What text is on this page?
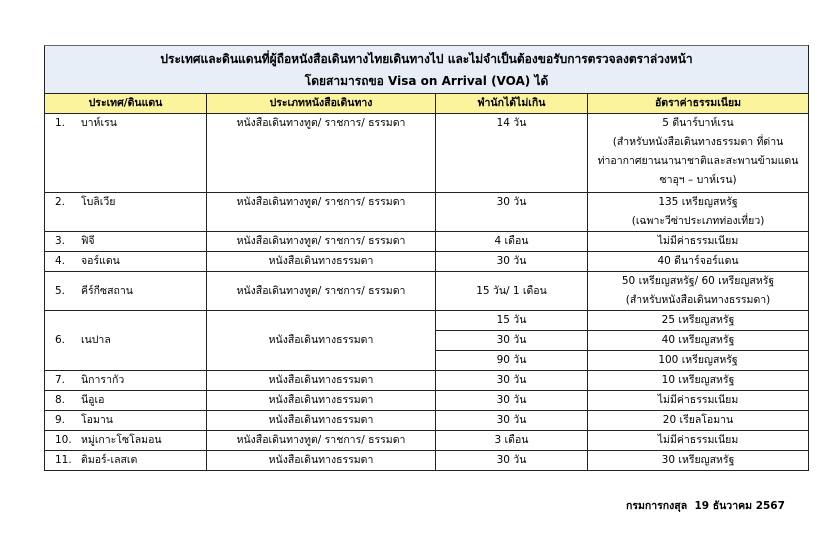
ประเทศและดินแดนที่ผู้ถือหนังสือเดินทางไทยเดินทางไป และไม่จำเป็นต้องขอรับการตรวจลงตราล่วงหน้า
โดยสามารถขอ Visa on Arrival (VOA) ได้			

ประเทศ/ดินแดน	ประเภทหนังสือเดินทาง	พำนักได้ไม่เกิน	อัตราค่าธรรมเนียม
1. บาห์เรน	หนังสือเดินทางทูต/ ราชการ/ ธรรมดา	14 วัน	5 ดีนาร์บาห์เรน
(สำหรับหนังสือเดินทางธรรมดา ที่ด่าน
ท่าอากาศยานนานาชาติและสะพานข้ามแดน
ซาอุฯ – บาห์เรน)

2. โบลิเวีย	หนังสือเดินทางทูต/ ราชการ/ ธรรมดา	30 วัน	135 เหรียญสหรัฐ
(เฉพาะวีซ่าประเภทท่องเที่ยว)

3. ฟิจี	หนังสือเดินทางทูต/ ราชการ/ ธรรมดา	4 เดือน	ไม่มีค่าธรรมเนียม
4. จอร์แดน	หนังสือเดินทางธรรมดา	30 วัน	40 ดีนาร์จอร์แดน
5. คีร์กีซสถาน	หนังสือเดินทางทูต/ ราชการ/ ธรรมดา	15 วัน/ 1 เดือน	50 เหรียญสหรัฐ/ 60 เหรียญสหรัฐ
(สำหรับหนังสือเดินทางธรรมดา)

6. เนปาล	หนังสือเดินทางธรรมดา	15 วัน	25 เหรียญสหรัฐ
		30 วัน	40 เหรียญสหรัฐ
		90 วัน	100 เหรียญสหรัฐ
7. นิการากัว	หนังสือเดินทางธรรมดา	30 วัน	10 เหรียญสหรัฐ
8. นีอูเอ	หนังสือเดินทางธรรมดา	30 วัน	ไม่มีค่าธรรมเนียม
9. โอมาน	หนังสือเดินทางธรรมดา	30 วัน	20 เรียลโอมาน
10. หมู่เกาะโซโลมอน	หนังสือเดินทางทูต/ ราชการ/ ธรรมดา	3 เดือน	ไม่มีค่าธรรมเนียม
11. ติมอร์-เลสเต	หนังสือเดินทางธรรมดา	30 วัน	30 เหรียญสหรัฐ
กรมการกงสุล 19 ธันวาคม 2567
